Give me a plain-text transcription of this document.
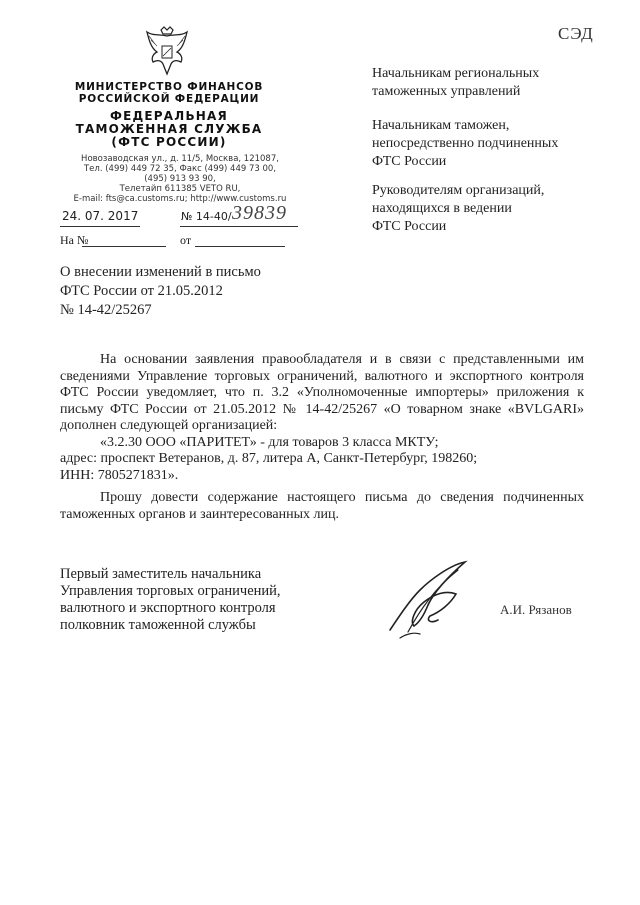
СЭД
МИНИСТЕРСТВО ФИНАНСОВ
РОССИЙСКОЙ ФЕДЕРАЦИИ
ФЕДЕРАЛЬНАЯ
ТАМОЖЕННАЯ СЛУЖБА
(ФТС РОССИИ)
Новозаводская ул., д. 11/5, Москва, 121087,
Тел. (499) 449 72 35, Факс (499) 449 73 00,
(495) 913 93 90,
Телетайп 611385 VETO RU,
E-mail: fts@ca.customs.ru; http://www.customs.ru
24. 07. 2017	№ 14-40/ 39839
На №	от
Начальникам региональных
таможенных управлений
Начальникам таможен,
непосредственно подчиненных
ФТС России
Руководителям организаций,
находящихся в ведении
ФТС России
О внесении изменений в письмо
ФТС России от 21.05.2012
№ 14-42/25267

На основании заявления правообладателя и в связи с представленными им сведениями Управление торговых ограничений, валютного и экспортного контроля ФТС России уведомляет, что п. 3.2 «Уполномоченные импортеры» приложения к письму ФТС России от 21.05.2012 № 14-42/25267 «О товарном знаке «BVLGARI» дополнен следующей организацией:

«3.2.30 ООО «ПАРИТЕТ» - для товаров 3 класса МКТУ;

адрес: проспект Ветеранов, д. 87, литера А, Санкт-Петербург, 198260;

ИНН: 7805271831».

Прошу довести содержание настоящего письма до сведения подчиненных таможенных органов и заинтересованных лиц.

Первый заместитель начальника
Управления торговых ограничений,
валютного и экспортного контроля
полковник таможенной службы
А.И. Рязанов
